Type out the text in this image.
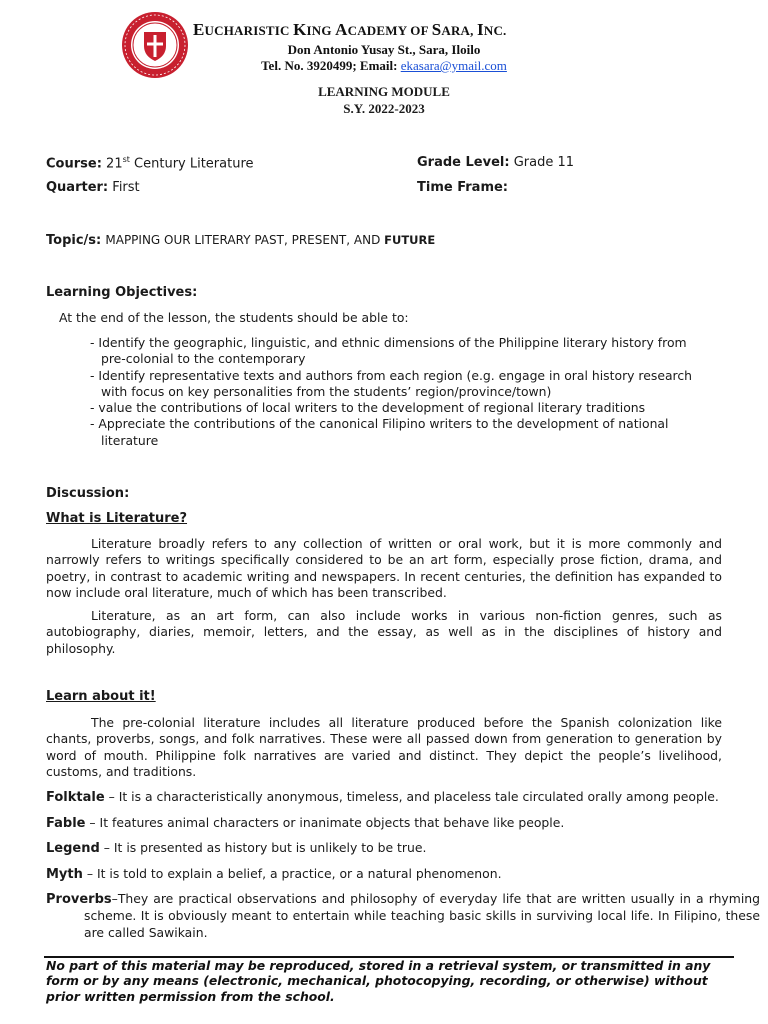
EUCHARISTIC KING ACADEMY OF SARA, INC.
Don Antonio Yusay St., Sara, Iloilo
Tel. No. 3920499; Email: ekasara@ymail.com
LEARNING MODULE
S.Y. 2022-2023
Course: 21st Century Literature	Grade Level: Grade 11
Quarter: First	Time Frame:
Topic/s: MAPPING OUR LITERARY PAST, PRESENT, AND FUTURE
Learning Objectives:
At the end of the lesson, the students should be able to:
- Identify the geographic, linguistic, and ethnic dimensions of the Philippine literary history from pre-colonial to the contemporary
- Identify representative texts and authors from each region (e.g. engage in oral history research with focus on key personalities from the students’ region/province/town)
- value the contributions of local writers to the development of regional literary traditions
- Appreciate the contributions of the canonical Filipino writers to the development of national literature
Discussion:
What is Literature?
Literature broadly refers to any collection of written or oral work, but it is more commonly and narrowly refers to writings specifically considered to be an art form, especially prose fiction, drama, and poetry, in contrast to academic writing and newspapers. In recent centuries, the definition has expanded to now include oral literature, much of which has been transcribed.
Literature, as an art form, can also include works in various non-fiction genres, such as autobiography, diaries, memoir, letters, and the essay, as well as in the disciplines of history and philosophy.
Learn about it!
The pre-colonial literature includes all literature produced before the Spanish colonization like chants, proverbs, songs, and folk narratives. These were all passed down from generation to generation by word of mouth. Philippine folk narratives are varied and distinct. They depict the people’s livelihood, customs, and traditions.
Folktale – It is a characteristically anonymous, timeless, and placeless tale circulated orally among people.
Fable – It features animal characters or inanimate objects that behave like people.
Legend – It is presented as history but is unlikely to be true.
Myth – It is told to explain a belief, a practice, or a natural phenomenon.
Proverbs–They are practical observations and philosophy of everyday life that are written usually in a rhyming scheme. It is obviously meant to entertain while teaching basic skills in surviving local life. In Filipino, these are called Sawikain.
No part of this material may be reproduced, stored in a retrieval system, or transmitted in any form or by any means (electronic, mechanical, photocopying, recording, or otherwise) without prior written permission from the school.
